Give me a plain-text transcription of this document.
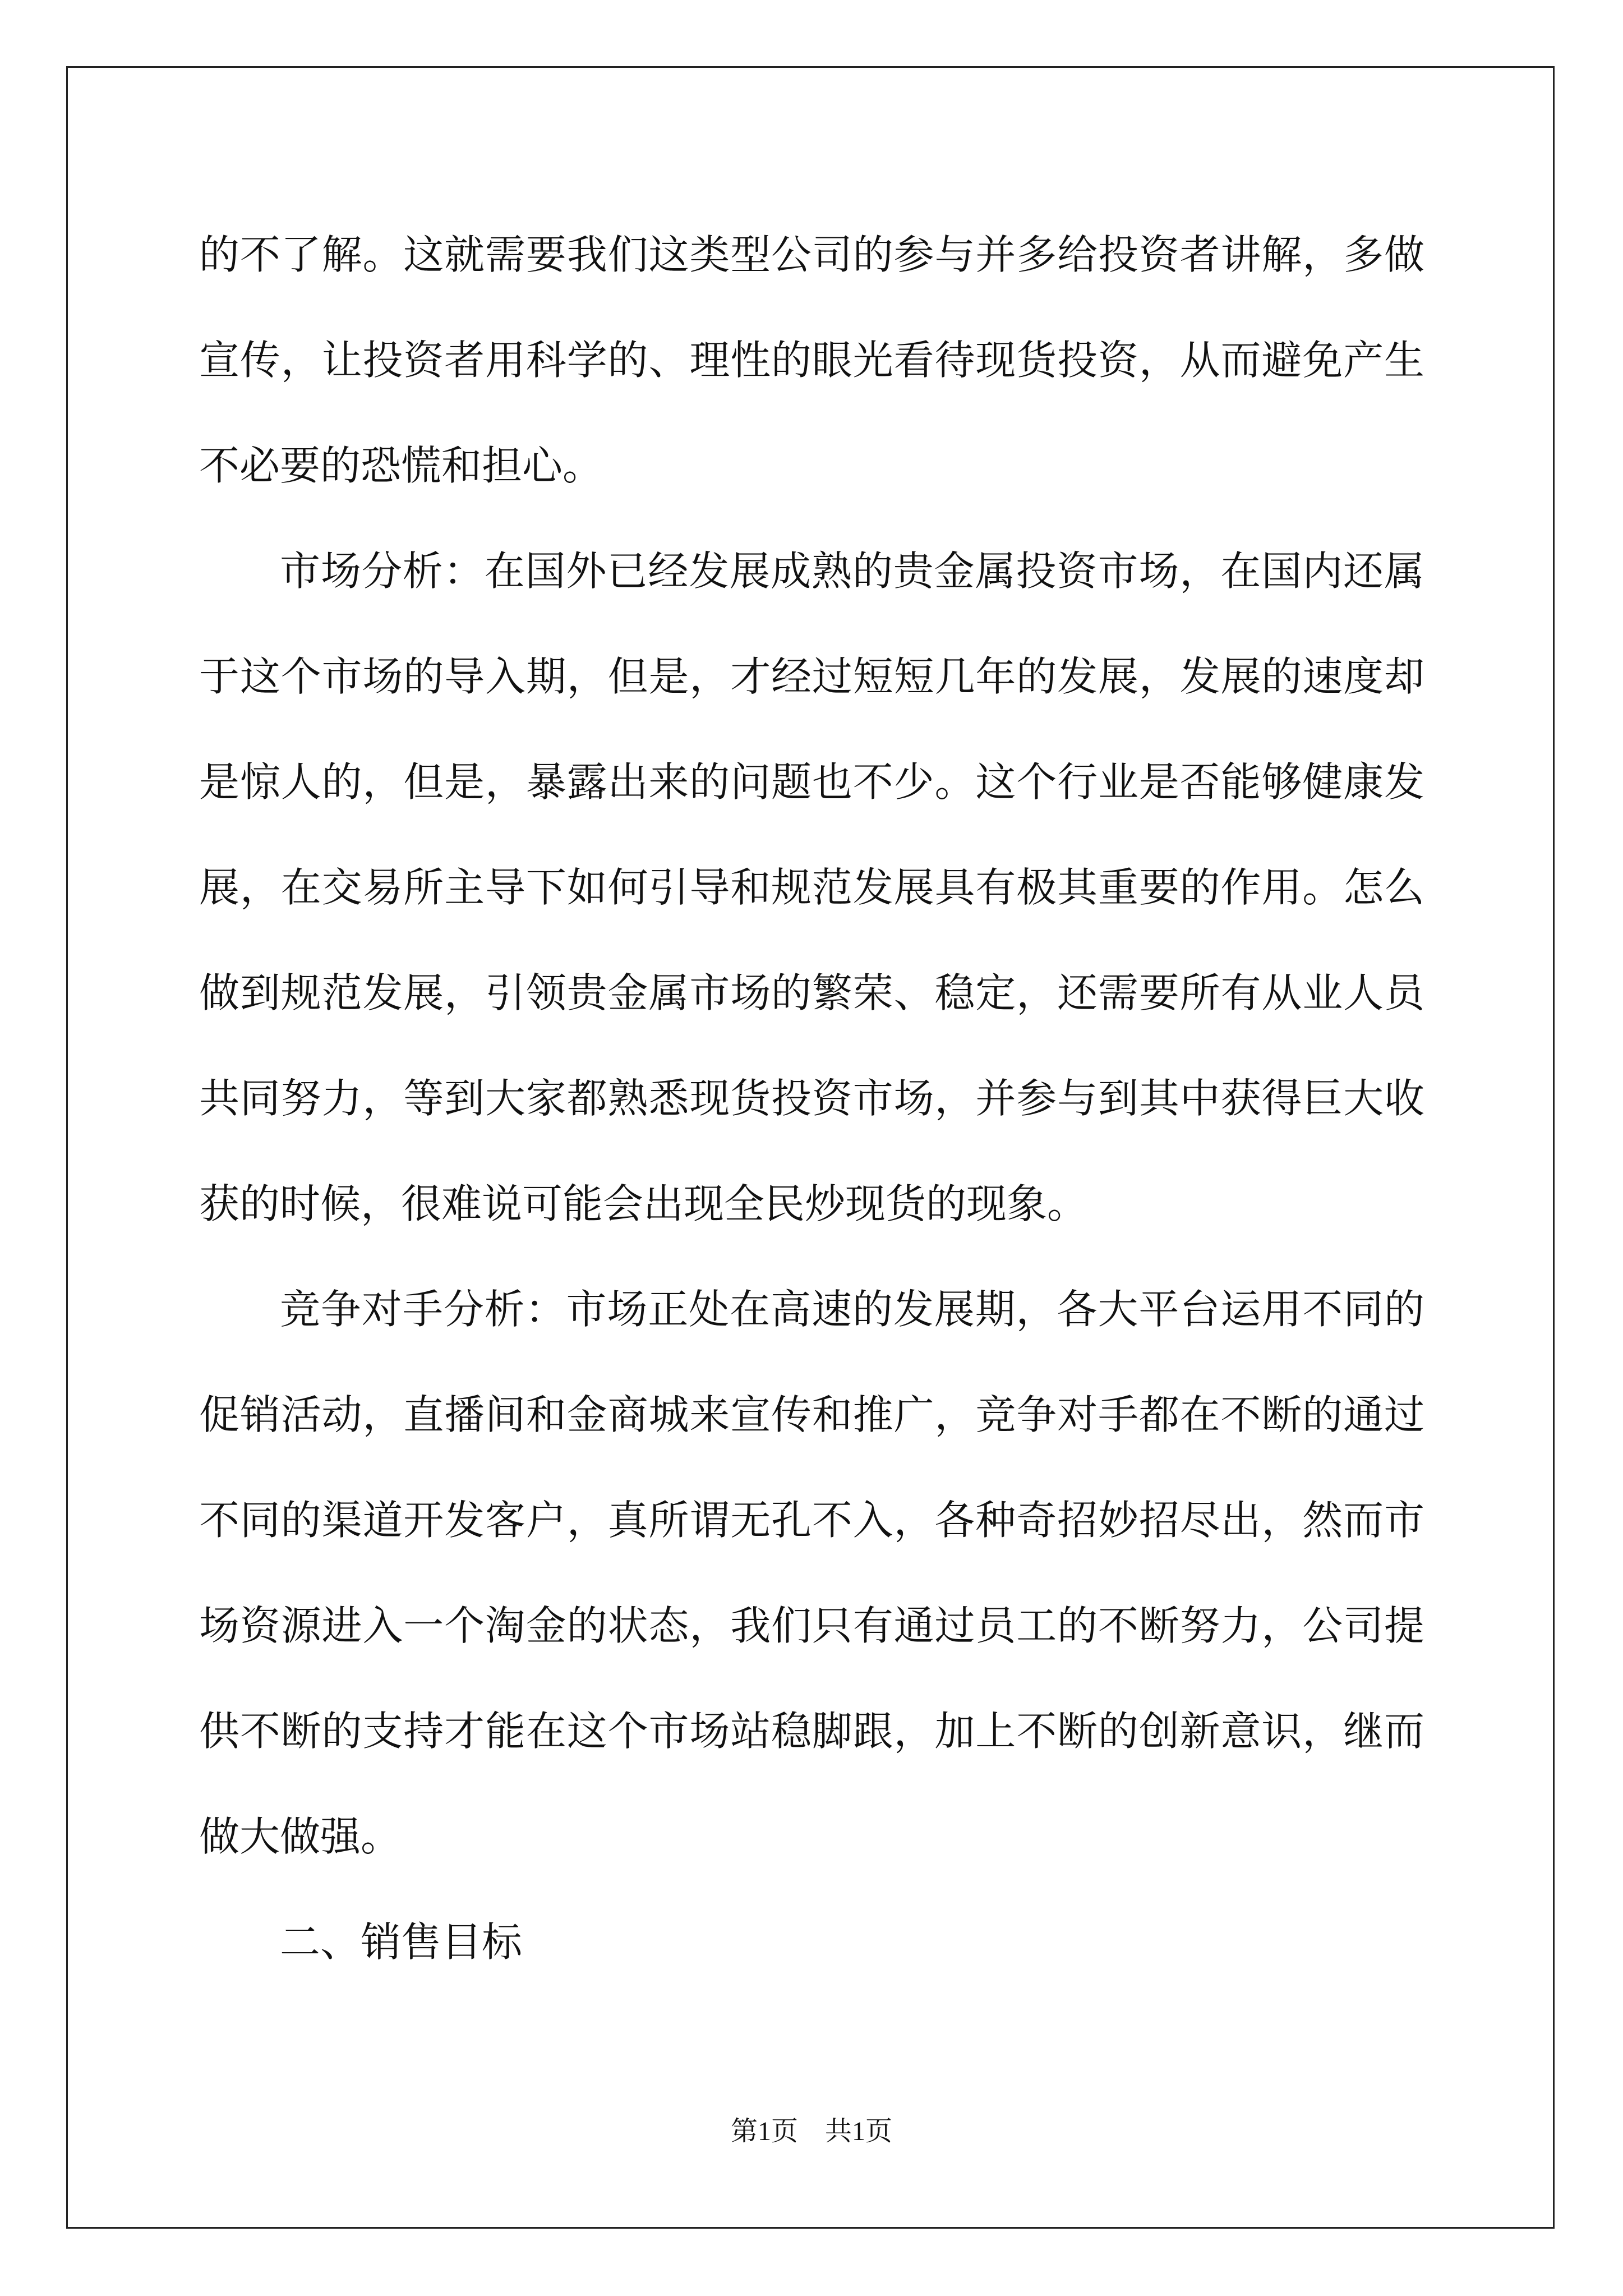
的不了解。这就需要我们这类型公司的参与并多给投资者讲解，多做

宣传，让投资者用科学的、理性的眼光看待现货投资，从而避免产生

不必要的恐慌和担心。

市场分析：在国外已经发展成熟的贵金属投资市场，在国内还属

于这个市场的导入期，但是，才经过短短几年的发展，发展的速度却

是惊人的，但是，暴露出来的问题也不少。这个行业是否能够健康发

展，在交易所主导下如何引导和规范发展具有极其重要的作用。怎么

做到规范发展，引领贵金属市场的繁荣、稳定，还需要所有从业人员

共同努力，等到大家都熟悉现货投资市场，并参与到其中获得巨大收

获的时候，很难说可能会出现全民炒现货的现象。

竞争对手分析：市场正处在高速的发展期，各大平台运用不同的

促销活动，直播间和金商城来宣传和推广，竞争对手都在不断的通过

不同的渠道开发客户，真所谓无孔不入，各种奇招妙招尽出，然而市

场资源进入一个淘金的状态，我们只有通过员工的不断努力，公司提

供不断的支持才能在这个市场站稳脚跟，加上不断的创新意识，继而

做大做强。

二、销售目标

第1页　共1页
